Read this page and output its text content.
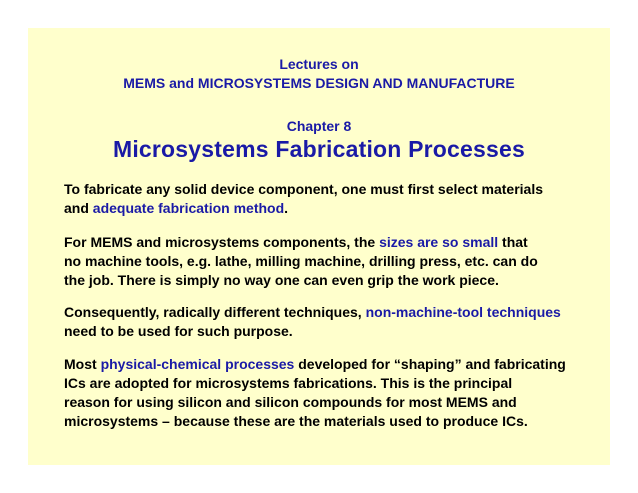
Lectures on
MEMS and MICROSYSTEMS DESIGN AND MANUFACTURE
Chapter 8
Microsystems Fabrication Processes
To fabricate any solid device component, one must first select materials
and adequate fabrication method.
For MEMS and microsystems components, the sizes are so small that
no machine tools, e.g. lathe, milling machine, drilling press, etc. can do
the job. There is simply no way one can even grip the work piece.
Consequently, radically different techniques, non-machine-tool techniques
need to be used for such purpose.
Most physical-chemical processes developed for “shaping” and fabricating
ICs are adopted for microsystems fabrications. This is the principal
reason for using silicon and silicon compounds for most MEMS and
microsystems – because these are the materials used to produce ICs.
